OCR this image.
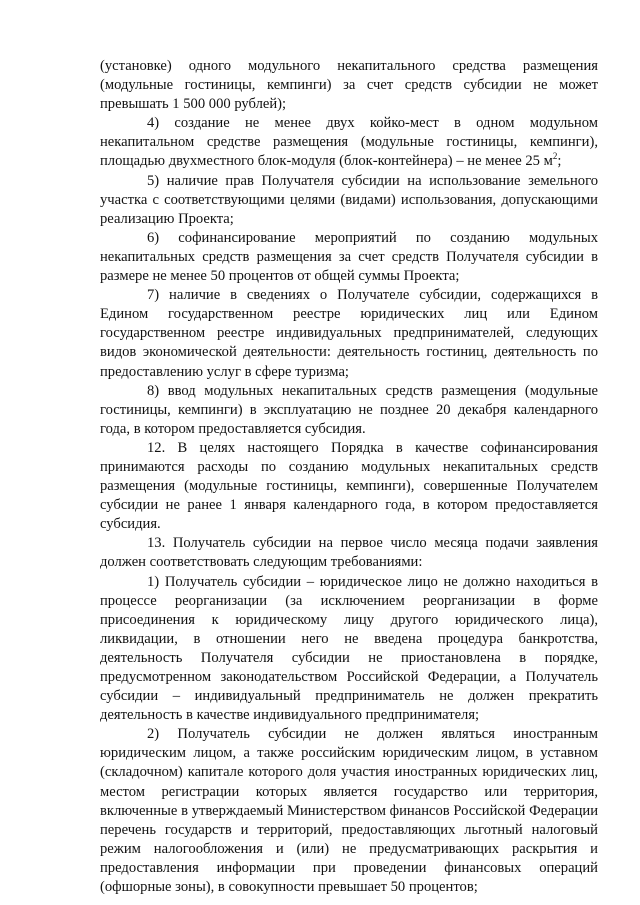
(установке) одного модульного некапитального средства размещения (модульные гостиницы, кемпинги) за счет средств субсидии не может превышать 1 500 000 рублей);

4) создание не менее двух койко-мест в одном модульном некапитальном средстве размещения (модульные гостиницы, кемпинги), площадью двухместного блок-модуля (блок-контейнера) – не менее 25 $м^2$;

5) наличие прав Получателя субсидии на использование земельного участка с соответствующими целями (видами) использования, допускающими реализацию Проекта;

6) софинансирование мероприятий по созданию модульных некапитальных средств размещения за счет средств Получателя субсидии в размере не менее 50 процентов от общей суммы Проекта;

7) наличие в сведениях о Получателе субсидии, содержащихся в Едином государственном реестре юридических лиц или Едином государственном реестре индивидуальных предпринимателей, следующих видов экономической деятельности: деятельность гостиниц, деятельность по предоставлению услуг в сфере туризма;

8) ввод модульных некапитальных средств размещения (модульные гостиницы, кемпинги) в эксплуатацию не позднее 20 декабря календарного года, в котором предоставляется субсидия.

12. В целях настоящего Порядка в качестве софинансирования принимаются расходы по созданию модульных некапитальных средств размещения (модульные гостиницы, кемпинги), совершенные Получателем субсидии не ранее 1 января календарного года, в котором предоставляется субсидия.

13. Получатель субсидии на первое число месяца подачи заявления должен соответствовать следующим требованиями:

1) Получатель субсидии – юридическое лицо не должно находиться в процессе реорганизации (за исключением реорганизации в форме присоединения к юридическому лицу другого юридического лица), ликвидации, в отношении него не введена процедура банкротства, деятельность Получателя субсидии не приостановлена в порядке, предусмотренном законодательством Российской Федерации, а Получатель субсидии – индивидуальный предприниматель не должен прекратить деятельность в качестве индивидуального предпринимателя;

2) Получатель субсидии не должен являться иностранным юридическим лицом, а также российским юридическим лицом, в уставном (складочном) капитале которого доля участия иностранных юридических лиц, местом регистрации которых является государство или территория, включенные в утверждаемый Министерством финансов Российской Федерации перечень государств и территорий, предоставляющих льготный налоговый режим налогообложения и (или) не предусматривающих раскрытия и предоставления информации при проведении финансовых операций (офшорные зоны), в совокупности превышает 50 процентов;
